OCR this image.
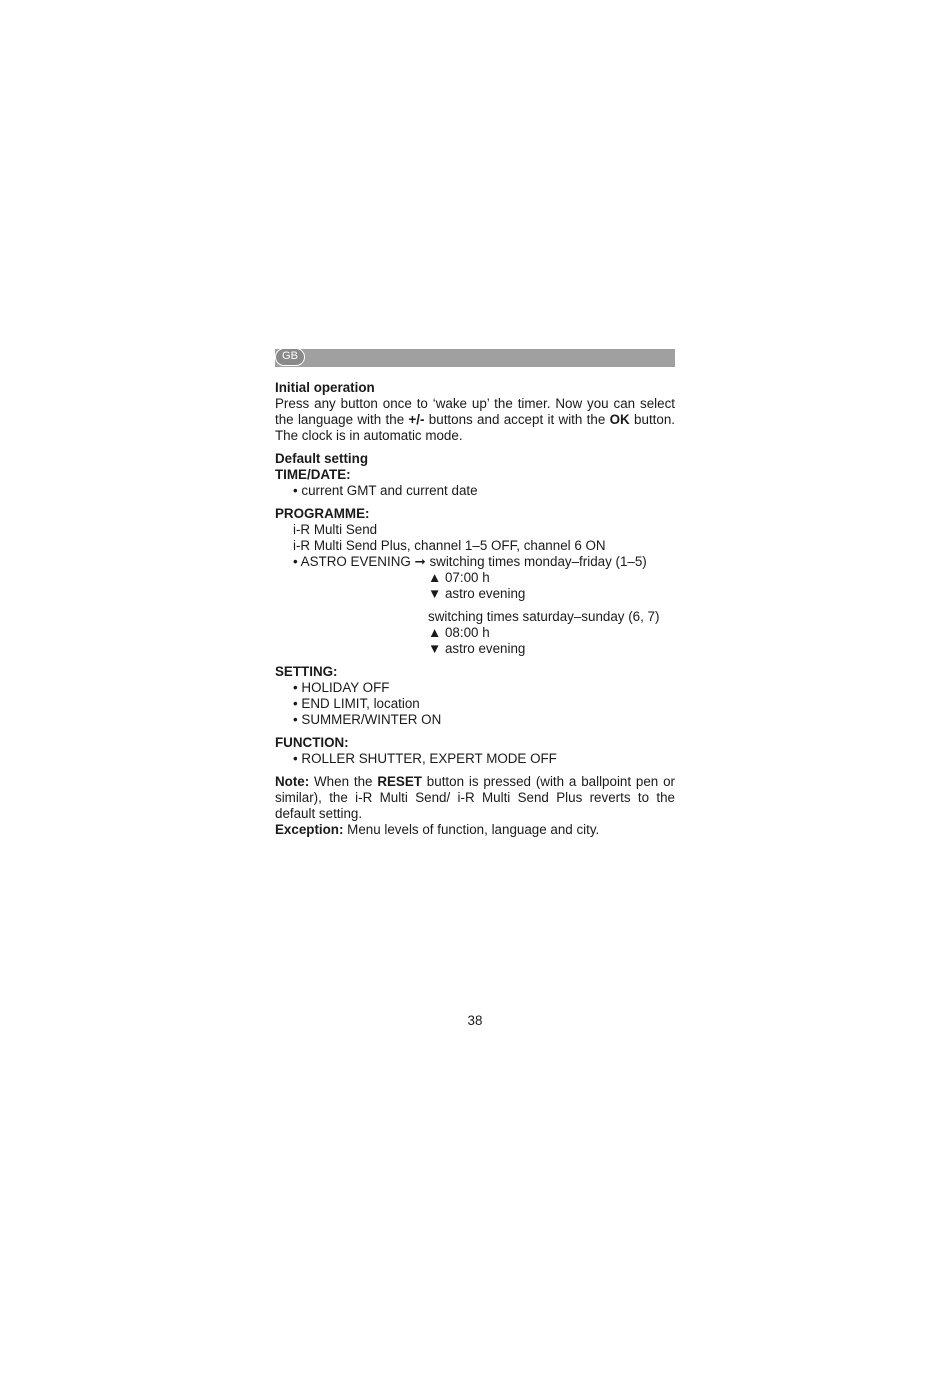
GB
Initial operation
Press any button once to ‘wake up’ the timer. Now you can select the language with the +/- buttons and accept it with the OK button. The clock is in automatic mode.
Default setting
TIME/DATE:
• current GMT and current date
PROGRAMME:
i-R Multi Send
i-R Multi Send Plus, channel 1–5 OFF, channel 6 ON
• ASTRO EVENING ➞ switching times monday–friday (1–5)
▲ 07:00 h
▼ astro evening
switching times saturday–sunday (6, 7)
▲ 08:00 h
▼ astro evening
SETTING:
• HOLIDAY OFF
• END LIMIT, location
• SUMMER/WINTER ON
FUNCTION:
• ROLLER SHUTTER, EXPERT MODE OFF
Note: When the RESET button is pressed (with a ballpoint pen or similar), the i-R Multi Send/ i-R Multi Send Plus reverts to the default setting.
Exception: Menu levels of function, language and city.
38
